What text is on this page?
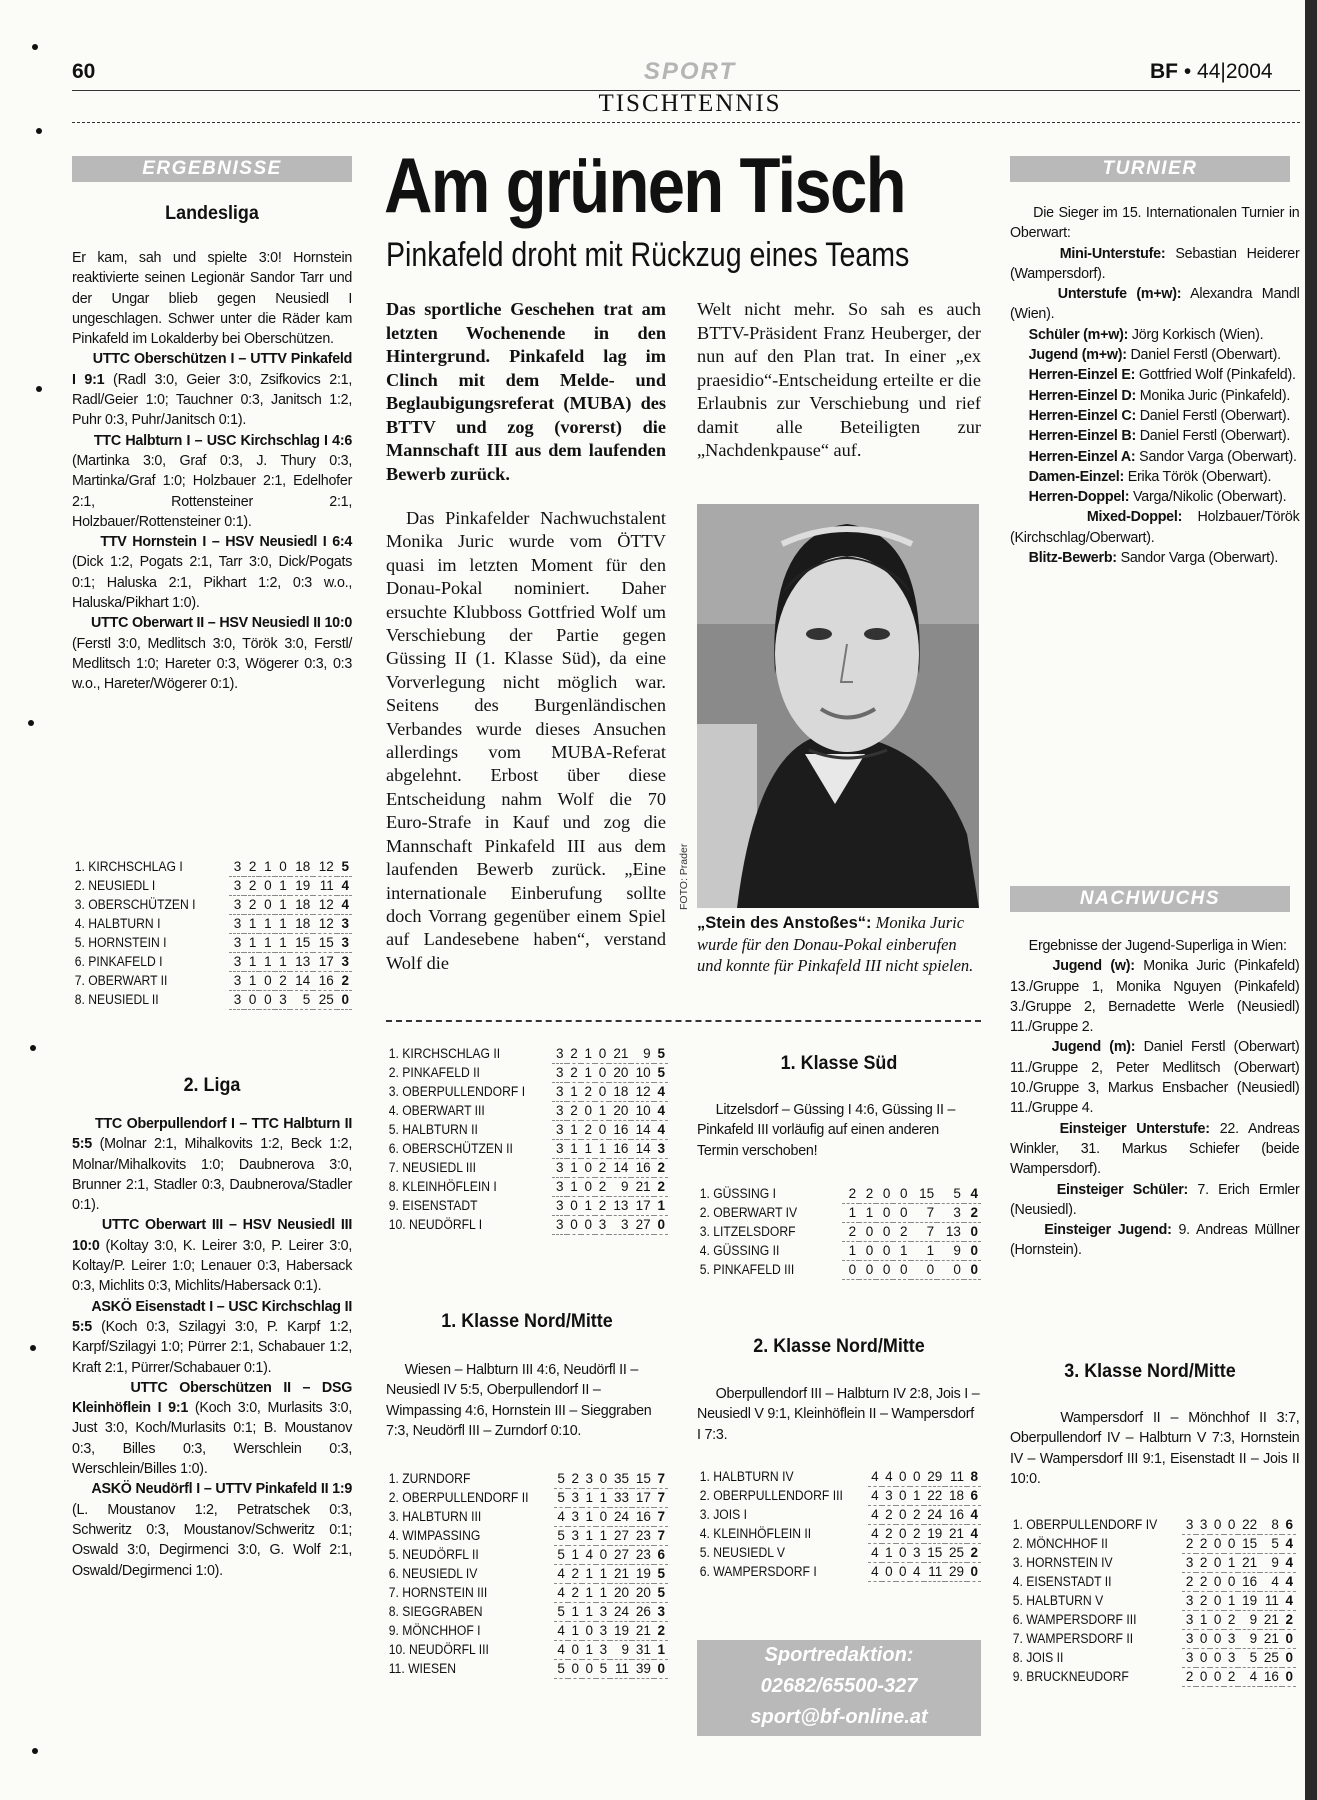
60	SPORT	BF • 44|2004
TISCHTENNIS
ERGEBNISSE
Landesliga
Er kam, sah und spielte 3:0! Hornstein reaktivierte seinen Legionär Sandor Tarr und der Ungar blieb gegen Neusiedl I ungeschlagen. Schwer unter die Räder kam Pinkafeld im Lokalderby bei Oberschützen.
UTTC Oberschützen I – UTTV Pinkafeld I 9:1 (Radl 3:0, Geier 3:0, Zsifkovics 2:1, Radl/Geier 1:0; Tauchner 0:3, Janitsch 1:2, Puhr 0:3, Puhr/Janitsch 0:1).
TTC Halbturn I – USC Kirchschlag I 4:6 (Martinka 3:0, Graf 0:3, J. Thury 0:3, Martinka/Graf 1:0; Holzbauer 2:1, Edelhofer 2:1, Rottensteiner 2:1, Holzbauer/Rottensteiner 0:1).
TTV Hornstein I – HSV Neusiedl I 6:4 (Dick 1:2, Pogats 2:1, Tarr 3:0, Dick/Pogats 0:1; Haluska 2:1, Pikhart 1:2, 0:3 w.o., Haluska/Pikhart 1:0).
UTTC Oberwart II – HSV Neusiedl II 10:0 (Ferstl 3:0, Medlitsch 3:0, Török 3:0, Ferstl/ Medlitsch 1:0; Hareter 0:3, Wögerer 0:3, 0:3 w.o., Hareter/Wögerer 0:1).
1. KIRCHSCHLAG I	3	2	1	0	18	12	5
2. NEUSIEDL I	3	2	0	1	19	11	4
3. OBERSCHÜTZEN I	3	2	0	1	18	12	4
4. HALBTURN I	3	1	1	1	18	12	3
5. HORNSTEIN I	3	1	1	1	15	15	3
6. PINKAFELD I	3	1	1	1	13	17	3
7. OBERWART II	3	1	0	2	14	16	2
8. NEUSIEDL II	3	0	0	3	5	25	0
2. Liga
TTC Oberpullendorf I – TTC Halbturn II 5:5 (Molnar 2:1, Mihalkovits 1:2, Beck 1:2, Molnar/Mihalkovits 1:0; Daubnerova 3:0, Brunner 2:1, Stadler 0:3, Daubnerova/Stadler 0:1).
UTTC Oberwart III – HSV Neusiedl III 10:0 (Koltay 3:0, K. Leirer 3:0, P. Leirer 3:0, Koltay/P. Leirer 1:0; Lenauer 0:3, Habersack 0:3, Michlits 0:3, Michlits/Habersack 0:1).
ASKÖ Eisenstadt I – USC Kirchschlag II 5:5 (Koch 0:3, Szilagyi 3:0, P. Karpf 1:2, Karpf/Szilagyi 1:0; Pürrer 2:1, Schabauer 1:2, Kraft 2:1, Pürrer/Schabauer 0:1).
UTTC Oberschützen II – DSG Kleinhöflein I 9:1 (Koch 3:0, Murlasits 3:0, Just 3:0, Koch/Murlasits 0:1; B. Moustanov 0:3, Billes 0:3, Werschlein 0:3, Werschlein/Billes 1:0).
ASKÖ Neudörfl I – UTTV Pinkafeld II 1:9 (L. Moustanov 1:2, Petratschek 0:3, Schweritz 0:3, Moustanov/Schweritz 0:1; Oswald 3:0, Degirmenci 3:0, G. Wolf 2:1, Oswald/Degirmenci 1:0).
Am grünen Tisch
Pinkafeld droht mit Rückzug eines Teams
Das sportliche Geschehen trat am letzten Wochenende in den Hintergrund. Pinkafeld lag im Clinch mit dem Melde- und Beglaubigungsreferat (MUBA) des BTTV und zog (vorerst) die Mannschaft III aus dem laufenden Bewerb zurück.
Das Pinkafelder Nachwuchstalent Monika Juric wurde vom ÖTTV quasi im letzten Moment für den Donau-Pokal nominiert. Daher ersuchte Klubboss Gottfried Wolf um Verschiebung der Partie gegen Güssing II (1. Klasse Süd), da eine Vorverlegung nicht möglich war. Seitens des Burgenländischen Verbandes wurde dieses Ansuchen allerdings vom MUBA-Referat abgelehnt. Erbost über diese Entscheidung nahm Wolf die 70 Euro-Strafe in Kauf und zog die Mannschaft Pinkafeld III aus dem laufenden Bewerb zurück. „Eine internationale Einberufung sollte doch Vorrang gegenüber einem Spiel auf Landesebene haben“, verstand Wolf die
Welt nicht mehr. So sah es auch BTTV-Präsident Franz Heuberger, der nun auf den Plan trat. In einer „ex praesidio“-Entscheidung erteilte er die Erlaubnis zur Verschiebung und rief damit alle Beteiligten zur „Nachdenkpause“ auf.
FOTO: Prader
„Stein des Anstoßes“: Monika Juric wurde für den Donau-Pokal einberufen und konnte für Pinkafeld III nicht spielen.
1. KIRCHSCHLAG II	3	2	1	0	21	9	5
2. PINKAFELD II	3	2	1	0	20	10	5
3. OBERPULLENDORF I 3	1	2	0	18	12	4
4. OBERWART III	3	2	0	1	20	10	4
5. HALBTURN II	3	1	2	0	16	14	4
6. OBERSCHÜTZEN II	3	1	1	1	16	14	3
7. NEUSIEDL III	3	1	0	2	14	16	2
8. KLEINHÖFLEIN I	3	1	0	2	9	21	2
9. EISENSTADT	3	0	1	2	13	17	1
10. NEUDÖRFL I	3	0	0	3	3	27	0
1. Klasse Nord/Mitte
Wiesen – Halbturn III 4:6, Neudörfl II – Neusiedl IV 5:5, Oberpullendorf II – Wimpassing 4:6, Hornstein III – Sieggraben 7:3, Neudörfl III – Zurndorf 0:10.
1. ZURNDORF	5	2	3	0	35	15	7
2. OBERPULLENDORF II 5	3	1	1	33	17	7
3. HALBTURN III	4	3	1	0	24	16	7
4. WIMPASSING	5	3	1	1	27	23	7
5. NEUDÖRFL II	5	1	4	0	27	23	6
6. NEUSIEDL IV	4	2	1	1	21	19	5
7. HORNSTEIN III	4	2	1	1	20	20	5
8. SIEGGRABEN	5	1	1	3	24	26	3
9. MÖNCHHOF I	4	1	0	3	19	21	2
10. NEUDÖRFL III	4	0	1	3	9	31	1
11. WIESEN	5	0	0	5	11	39	0
1. Klasse Süd
Litzelsdorf – Güssing I 4:6, Güssing II – Pinkafeld III vorläufig auf einen anderen Termin verschoben!
1. GÜSSING I	2	2	0	0	15	5	4
2. OBERWART IV	1	1	0	0	7	3	2
3. LITZELSDORF	2	0	0	2	7	13	0
4. GÜSSING II	1	0	0	1	1	9	0
5. PINKAFELD III	0	0	0	0	0	0	0
2. Klasse Nord/Mitte
Oberpullendorf III – Halbturn IV 2:8, Jois I – Neusiedl V 9:1, Kleinhöflein II – Wampersdorf I 7:3.
1. HALBTURN IV	4	4	0	0	29	11	8
2. OBERPULLENDORF III 4	3	0	1	22	18	6
3. JOIS I	4	2	0	2	24	16	4
4. KLEINHÖFLEIN II	4	2	0	2	19	21	4
5. NEUSIEDL V	4	1	0	3	15	25	2
6. WAMPERSDORF I	4	0	0	4	11	29	0
Sportredaktion:
02682/65500-327
sport@bf-online.at
TURNIER
Die Sieger im 15. Internationalen Turnier in Oberwart:
Mini-Unterstufe: Sebastian Heiderer (Wampersdorf).
Unterstufe (m+w): Alexandra Mandl (Wien).
Schüler (m+w): Jörg Korkisch (Wien).
Jugend (m+w): Daniel Ferstl (Oberwart).
Herren-Einzel E: Gottfried Wolf (Pinkafeld).
Herren-Einzel D: Monika Juric (Pinkafeld).
Herren-Einzel C: Daniel Ferstl (Oberwart).
Herren-Einzel B: Daniel Ferstl (Oberwart).
Herren-Einzel A: Sandor Varga (Oberwart).
Damen-Einzel: Erika Török (Oberwart).
Herren-Doppel: Varga/Nikolic (Oberwart).
Mixed-Doppel: Holzbauer/Török (Kirchschlag/Oberwart).
Blitz-Bewerb: Sandor Varga (Oberwart).
NACHWUCHS
Ergebnisse der Jugend-Superliga in Wien:
Jugend (w): Monika Juric (Pinkafeld) 13./Gruppe 1, Monika Nguyen (Pinkafeld) 3./Gruppe 2, Bernadette Werle (Neusiedl) 11./Gruppe 2.
Jugend (m): Daniel Ferstl (Oberwart) 11./Gruppe 2, Peter Medlitsch (Oberwart) 10./Gruppe 3, Markus Ensbacher (Neusiedl) 11./Gruppe 4.
Einsteiger Unterstufe: 22. Andreas Winkler, 31. Markus Schiefer (beide Wampersdorf).
Einsteiger Schüler: 7. Erich Ermler (Neusiedl).
Einsteiger Jugend: 9. Andreas Müllner (Hornstein).
3. Klasse Nord/Mitte
Wampersdorf II – Mönchhof II 3:7, Oberpullendorf IV – Halbturn V 7:3, Hornstein IV – Wampersdorf III 9:1, Eisenstadt II – Jois II 10:0.
1. OBERPULLENDORF IV 3	3	0	0	22	8	6
2. MÖNCHHOF II	2	2	0	0	15	5	4
3. HORNSTEIN IV	3	2	0	1	21	9	4
4. EISENSTADT II	2	2	0	0	16	4	4
5. HALBTURN V	3	2	0	1	19	11	4
6. WAMPERSDORF III	3	1	0	2	9	21	2
7. WAMPERSDORF II	3	0	0	3	9	21	0
8. JOIS II	3	0	0	3	5	25	0
9. BRUCKNEUDORF	2	0	0	2	4	16	0
